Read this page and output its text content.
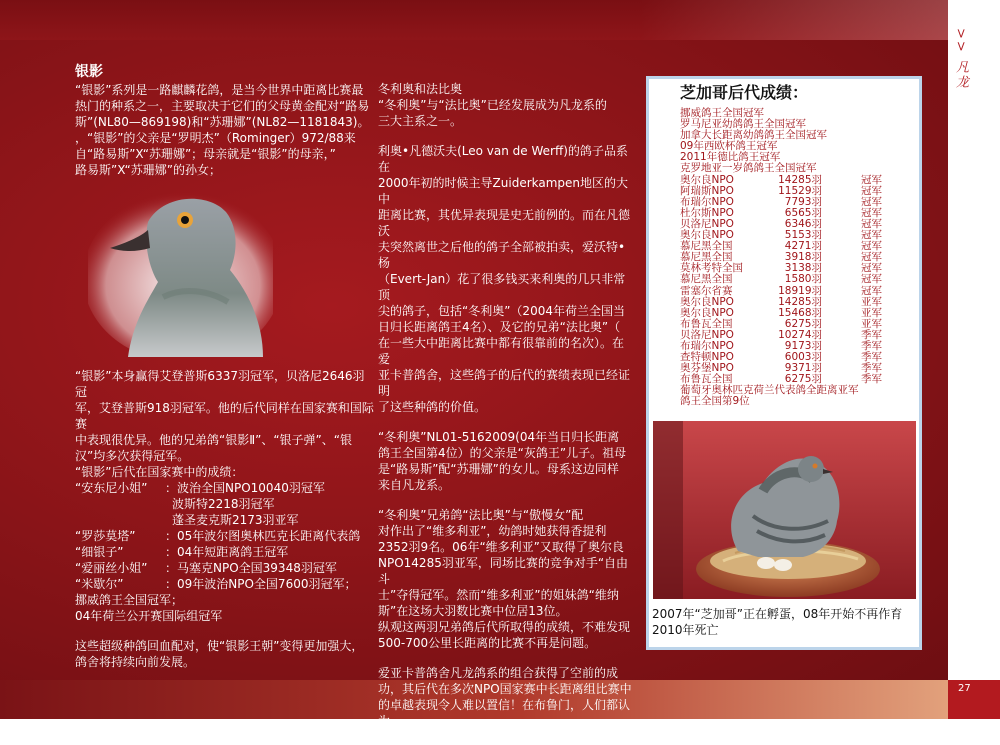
>> 凡龙
27
银影

“银影”系列是一路麒麟花鸽，是当今世界中距离比赛最

热门的种系之一，主要取决于它们的父母黄金配对“路易

斯”(NL80—869198)和“苏珊娜”(NL82—1181843)。

，“银影”的父亲是“罗明杰”（Rominger）972/88来

自“路易斯”X“苏珊娜”；母亲就是“银影”的母亲，”

路易斯”X“苏珊娜”的孙女；

“银影”本身赢得艾登普斯6337羽冠军，贝洛尼2646羽冠

军，艾登普斯918羽冠军。他的后代同样在国家赛和国际赛

中表现很优异。他的兄弟鸽“银影Ⅱ”、“银子弹”、“银

汉”均多次获得冠军。

“银影”后代在国家赛中的成绩：

“安东尼小姐”	：波治全国NPO10040羽冠军
波斯特2218羽冠军
蓬圣麦克斯2173羽亚军
“罗莎莫塔”	：05年波尔图奥林匹克长距离代表鸽
“细银子”	：04年短距离鸽王冠军
“爱丽丝小姐”	：马塞克NPO全国39348羽冠军
“米歇尔”	：09年波治NPO全国7600羽冠军；

挪威鸽王全国冠军；

04年荷兰公开赛国际组冠军

这些超级种鸽回血配对，使“银影王朝”变得更加强大，

鸽舍将持续向前发展。

冬利奥和法比奥

“冬利奥”与“法比奥”已经发展成为凡龙系的

三大主系之一。

利奥•凡德沃夫(Leo van de Werff)的鸽子品系在

2000年初的时候主导Zuiderkampen地区的大中

距离比赛，其优异表现是史无前例的。而在凡德沃

夫突然离世之后他的鸽子全部被拍卖，爱沃特•杨

（Evert-Jan）花了很多钱买来利奥的几只非常顶

尖的鸽子，包括“冬利奥”（2004年荷兰全国当

日归长距离鸽王4名）、及它的兄弟“法比奥”（

在一些大中距离比赛中都有很靠前的名次）。在爱

亚卡普鸽舍，这些鸽子的后代的赛绩表现已经证明

了这些种鸽的价值。

“冬利奥”NL01-5162009(04年当日归长距离

鸽王全国第4位）的父亲是“灰鸽王”儿子。祖母

是“路易斯”配“苏珊娜”的女儿。母系这边同样

来自凡龙系。

“冬利奥”兄弟鸽“法比奥”与“傲慢女”配

对作出了“维多利亚”，幼鸽时她获得香提利

2352羽9名。06年“维多利亚”又取得了奥尔良

NPO14285羽亚军，同场比赛的竞争对手“自由斗

士”夺得冠军。然而“维多利亚”的姐妹鸽“维纳

斯”在这场大羽数比赛中位居13位。

纵观这两羽兄弟鸽后代所取得的成绩，不难发现

500-700公里长距离的比赛不再是问题。

爱亚卡普鸽舍凡龙鸽系的组合获得了空前的成

功，其后代在多次NPO国家赛中长距离组比赛中

的卓越表现令人难以置信！在布鲁门，人们都认为

引入凡龙鸽子是真正的制胜法宝！

芝加哥后代成绩：
挪威鸽王全国冠军
罗马尼亚幼鸽鸽王全国冠军
加拿大长距离幼鸽鸽王全国冠军
09年西欧杯鸽王冠军
2011年德比鸽王冠军
克罗地亚一岁鸽鸽王全国冠军
奥尔良NPO	14285羽	冠军
阿瑞斯NPO	11529羽	冠军
布瑞尔NPO	7793羽	冠军
杜尔斯NPO	6565羽	冠军
贝洛尼NPO	6346羽	冠军
奥尔良NPO	5153羽	冠军
慕尼黑全国	4271羽	冠军
慕尼黑全国	3918羽	冠军
莫林考特全国	3138羽	冠军
慕尼黑全国	1580羽	冠军
雷塞尔省赛	18919羽	冠军
奥尔良NPO	14285羽	亚军
奥尔良NPO	15468羽	亚军
布鲁瓦全国	6275羽	亚军
贝洛尼NPO	10274羽	季军
布瑞尔NPO	9173羽	季军
查特顿NPO	6003羽	季军
奥芬堡NPO	9371羽	季军
布鲁瓦全国	6275羽	季军
葡萄牙奥林匹克荷兰代表鸽全距离亚军
鸽王全国第9位
2007年“芝加哥”正在孵蛋，08年开始不再作育
2010年死亡
